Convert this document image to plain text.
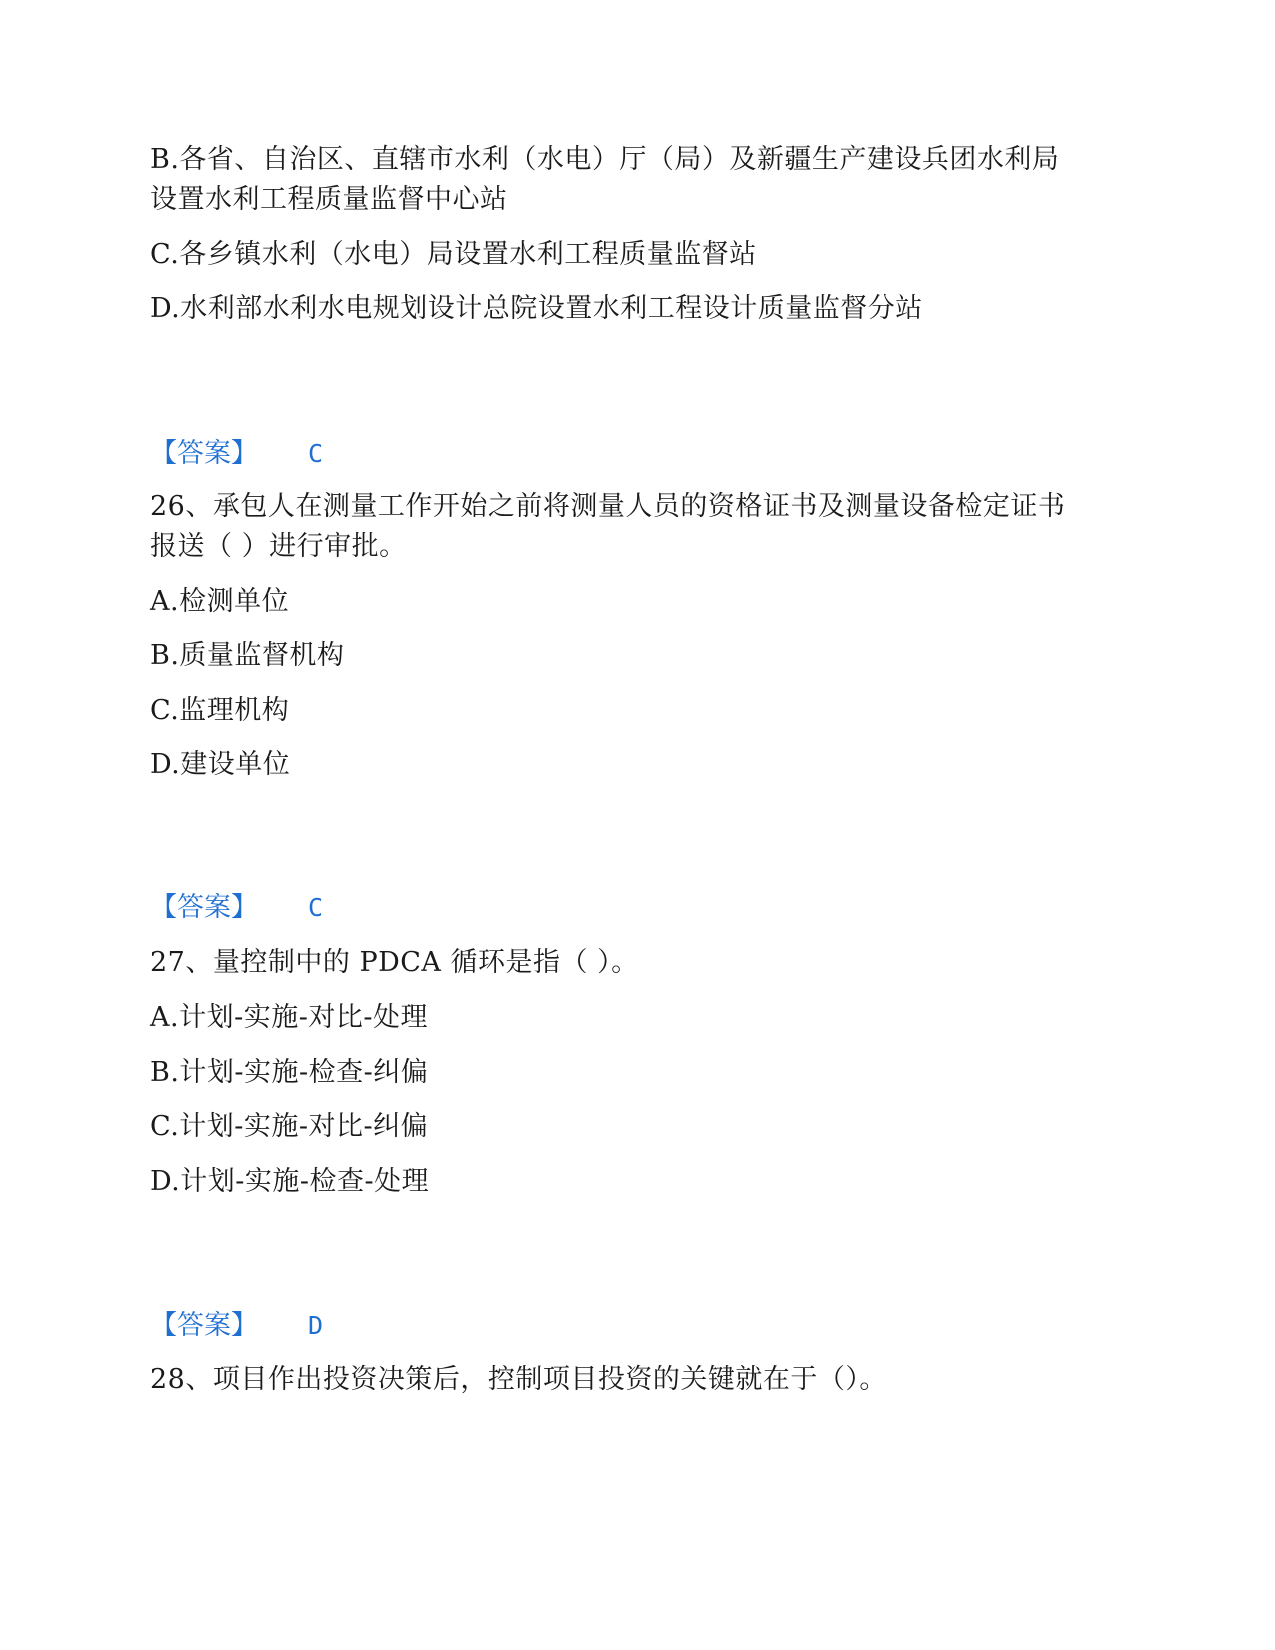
B.各省、自治区、直辖市水利（水电）厅（局）及新疆生产建设兵团水利局
设置水利工程质量监督中心站
C.各乡镇水利（水电）局设置水利工程质量监督站
D.水利部水利水电规划设计总院设置水利工程设计质量监督分站
【答案】 C
26、承包人在测量工作开始之前将测量人员的资格证书及测量设备检定证书
报送（ ）进行审批。
A.检测单位
B.质量监督机构
C.监理机构
D.建设单位
【答案】 C
27、量控制中的 PDCA 循环是指（ ）。
A.计划-实施-对比-处理
B.计划-实施-检查-纠偏
C.计划-实施-对比-纠偏
D.计划-实施-检查-处理
【答案】 D
28、项目作出投资决策后，控制项目投资的关键就在于（）。
